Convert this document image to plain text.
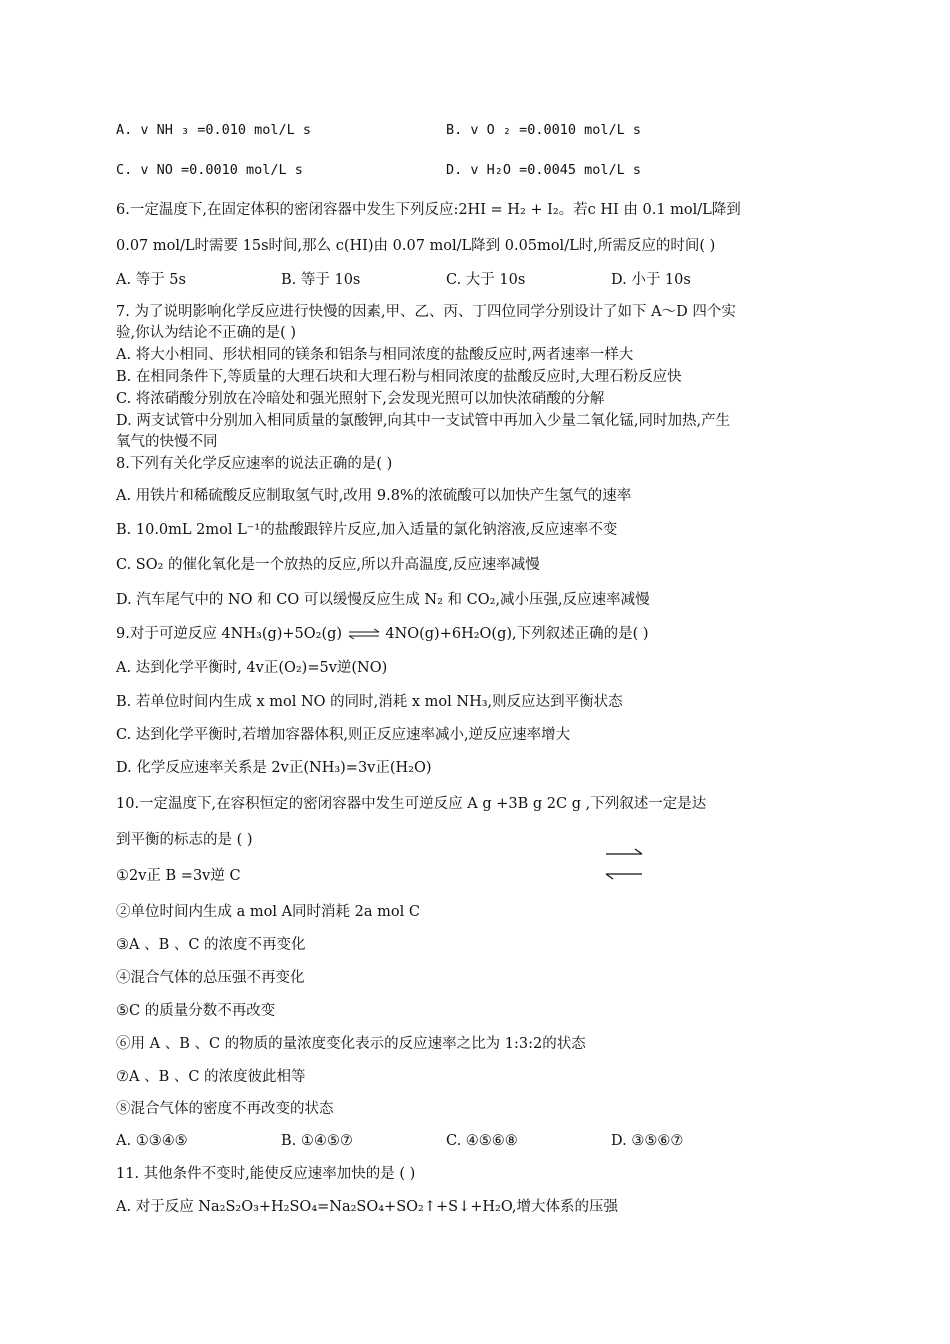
A. v NH ₃ =0.010 mol/L s	B. v O ₂ =0.0010 mol/L s
C. v NO =0.0010 mol/L s	D. v H₂O =0.0045 mol/L s
6.一定温度下,在固定体积的密闭容器中发生下列反应:2HI = H₂ + I₂。若c HI 由 0.1 mol/L降到
0.07 mol/L时需要 15s时间,那么 c(HI)由 0.07 mol/L降到 0.05mol/L时,所需反应的时间( )
A. 等于 5s	B. 等于 10s	C. 大于 10s	D. 小于 10s
7. 为了说明影响化学反应进行快慢的因素,甲、乙、丙、丁四位同学分别设计了如下 A～D 四个实
验,你认为结论不正确的是( )
A. 将大小相同、形状相同的镁条和铝条与相同浓度的盐酸反应时,两者速率一样大
B. 在相同条件下,等质量的大理石块和大理石粉与相同浓度的盐酸反应时,大理石粉反应快
C. 将浓硝酸分别放在冷暗处和强光照射下,会发现光照可以加快浓硝酸的分解
D. 两支试管中分别加入相同质量的氯酸钾,向其中一支试管中再加入少量二氧化锰,同时加热,产生
氧气的快慢不同
8.下列有关化学反应速率的说法正确的是( )
A. 用铁片和稀硫酸反应制取氢气时,改用 9.8%的浓硫酸可以加快产生氢气的速率
B. 10.0mL 2mol L⁻¹的盐酸跟锌片反应,加入适量的氯化钠溶液,反应速率不变
C. SO₂ 的催化氧化是一个放热的反应,所以升高温度,反应速率减慢
D. 汽车尾气中的 NO 和 CO 可以缓慢反应生成 N₂ 和 CO₂,减小压强,反应速率减慢
9.对于可逆反应 4NH₃(g)+5O₂(g) ⇌ 4NO(g)+6H₂O(g),下列叙述正确的是( )
A. 达到化学平衡时, 4v正(O₂)=5v逆(NO)
B. 若单位时间内生成 x mol NO 的同时,消耗 x mol NH₃,则反应达到平衡状态
C. 达到化学平衡时,若增加容器体积,则正反应速率减小,逆反应速率增大
D. 化学反应速率关系是 2v正(NH₃)=3v正(H₂O)
10.一定温度下,在容积恒定的密闭容器中发生可逆反应 A g +3B g 2C g ,下列叙述一定是达
到平衡的标志的是 ( )
①2v正 B =3v逆 C
②单位时间内生成 a mol A同时消耗 2a mol C
③A 、B 、C 的浓度不再变化
④混合气体的总压强不再变化
⑤C 的质量分数不再改变
⑥用 A 、B 、C 的物质的量浓度变化表示的反应速率之比为 1:3:2的状态
⑦A 、B 、C 的浓度彼此相等
⑧混合气体的密度不再改变的状态
A. ①③④⑤	B. ①④⑤⑦	C. ④⑤⑥⑧	D. ③⑤⑥⑦
11. 其他条件不变时,能使反应速率加快的是 ( )
A. 对于反应 Na₂S₂O₃+H₂SO₄=Na₂SO₄+SO₂↑+S↓+H₂O,增大体系的压强
